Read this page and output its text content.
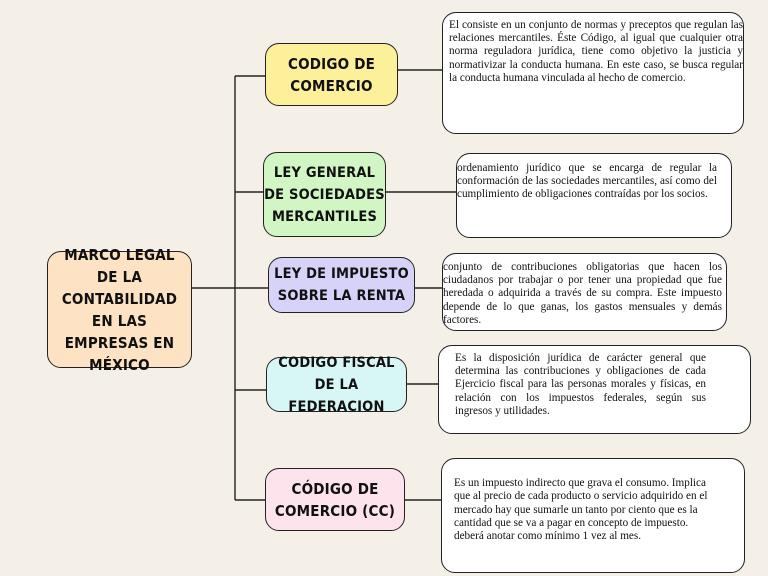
MARCO LEGAL DE LA CONTABILIDAD EN LAS EMPRESAS EN MÉXICO
CODIGO DE COMERCIO
El consiste en un conjunto de normas y preceptos que regulan las relaciones mercantiles. Éste Código, al igual que cualquier otra norma reguladora jurídica, tiene como objetivo la justicia y normativizar la conducta humana. En este caso, se busca regular la conducta humana vinculada al hecho de comercio.
LEY GENERAL DE SOCIEDADES MERCANTILES
ordenamiento jurídico que se encarga de regular la conformación de las sociedades mercantiles, así como del cumplimiento de obligaciones contraídas por los socios.
LEY DE IMPUESTO SOBRE LA RENTA
conjunto de contribuciones obligatorias que hacen los ciudadanos por trabajar o por tener una propiedad que fue heredada o adquirida a través de su compra. Este impuesto depende de lo que ganas, los gastos mensuales y demás factores.
CODIGO FISCAL DE LA FEDERACION
Es la disposición jurídica de carácter general que determina las contribuciones y obligaciones de cada Ejercicio fiscal para las personas morales y físicas, en relación con los impuestos federales, según sus ingresos y utilidades.
CÓDIGO DE COMERCIO (CC)

Es un impuesto indirecto que grava el consumo. Implica que al precio de cada producto o servicio adquirido en el mercado hay que sumarle un tanto por ciento que es la cantidad que se va a pagar en concepto de impuesto.
deberá anotar como mínimo 1 vez al mes.
